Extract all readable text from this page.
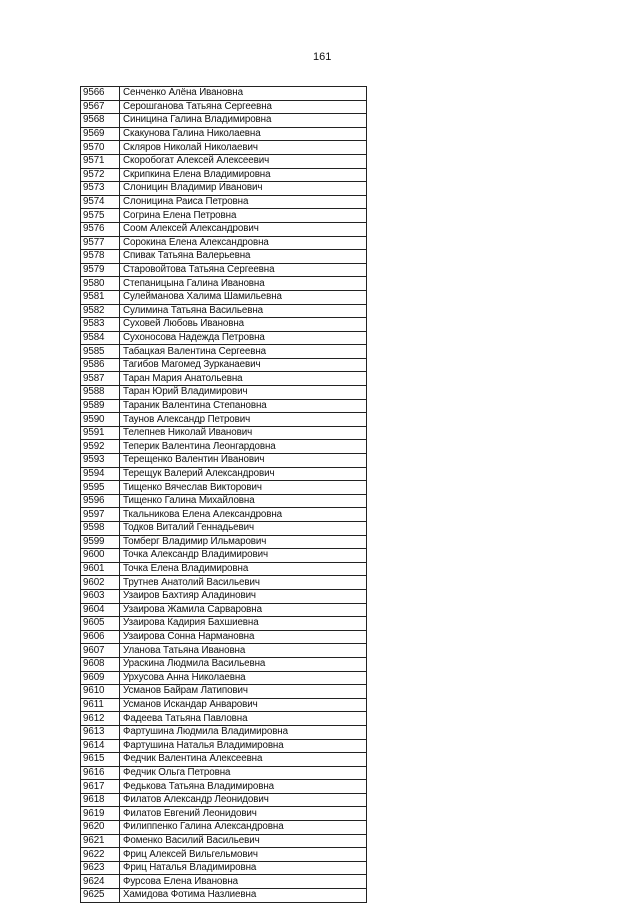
161
9566	Сенченко Алёна Ивановна
9567	Серошганова Татьяна Сергеевна
9568	Синицина Галина Владимировна
9569	Скакунова Галина Николаевна
9570	Скляров Николай Николаевич
9571	Скоробогат Алексей Алексеевич
9572	Скрипкина Елена Владимировна
9573	Слоницин Владимир Иванович
9574	Слоницина Раиса Петровна
9575	Согрина Елена Петровна
9576	Соом Алексей Александрович
9577	Сорокина Елена Александровна
9578	Спивак Татьяна Валерьевна
9579	Старовойтова Татьяна Сергеевна
9580	Степаницына Галина Ивановна
9581	Сулейманова Халима Шамильевна
9582	Сулимина Татьяна Васильевна
9583	Суховей Любовь Ивановна
9584	Сухоносова Надежда Петровна
9585	Табацкая Валентина Сергеевна
9586	Тагибов Магомед Зурканаевич
9587	Таран Мария Анатольевна
9588	Таран Юрий Владимирович
9589	Тараник Валентина Степановна
9590	Таунов Александр Петрович
9591	Телепнев Николай Иванович
9592	Теперик Валентина Леонгардовна
9593	Терещенко Валентин Иванович
9594	Терещук Валерий Александрович
9595	Тищенко Вячеслав Викторович
9596	Тищенко Галина Михайловна
9597	Ткальникова Елена Александровна
9598	Тодков Виталий Геннадьевич
9599	Томберг Владимир Ильмарович
9600	Точка Александр Владимирович
9601	Точка Елена Владимировна
9602	Трутнев Анатолий Васильевич
9603	Узаиров Бахтияр Аладинович
9604	Узаирова Жамила Сарваровна
9605	Узаирова Кадирия Бахшиевна
9606	Узаирова Сонна Нармановна
9607	Уланова Татьяна Ивановна
9608	Ураскина Людмила Васильевна
9609	Урхусова Анна Николаевна
9610	Усманов Байрам Латипович
9611	Усманов Искандар Анварович
9612	Фадеева Татьяна Павловна
9613	Фартушина Людмила Владимировна
9614	Фартушина Наталья Владимировна
9615	Федчик Валентина Алексеевна
9616	Федчик Ольга Петровна
9617	Федькова Татьяна Владимировна
9618	Филатов Александр Леонидович
9619	Филатов Евгений Леонидович
9620	Филиппенко Галина Александровна
9621	Фоменко Василий Васильевич
9622	Фриц Алексей Вильгельмович
9623	Фриц Наталья Владимировна
9624	Фурсова Елена Ивановна
9625	Хамидова Фотима Назлиевна
